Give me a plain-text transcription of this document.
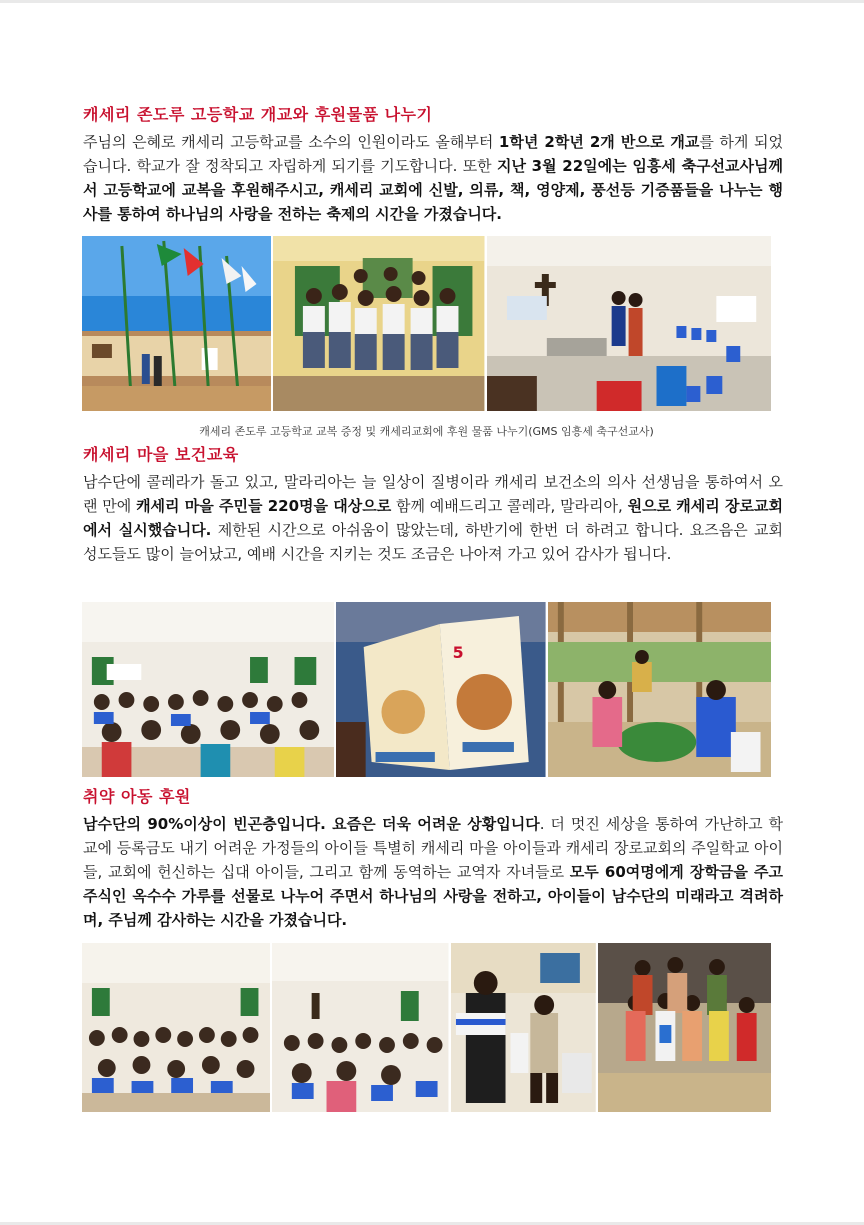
캐세리 존도루 고등학교 개교와 후원물품 나누기

주님의 은혜로 캐세리 고등학교를 소수의 인원이라도 올해부터 1학년 2학년 2개 반으로 개교를 하게 되었습니다. 학교가 잘 정착되고 자립하게 되기를 기도합니다. 또한 지난 3월 22일에는 임흥세 축구선교사님께서 고등학교에 교복을 후원해주시고, 캐세리 교회에 신발, 의류, 책, 영양제, 풍선등 기증품들을 나누는 행사를 통하여 하나님의 사랑을 전하는 축제의 시간을 가졌습니다.

캐세리 존도루 고등학교 교복 증정 및 캐세리교회에 후원 물품 나누기(GMS 임흥세 축구선교사)
캐세리 마을 보건교육

남수단에 콜레라가 돌고 있고, 말라리아는 늘 일상이 질병이라 캐세리 보건소의 의사 선생님을 통하여서 오랜 만에 캐세리 마을 주민들 220명을 대상으로 함께 예배드리고 콜레라, 말라리아, 원으로 캐세리 장로교회에서 실시했습니다. 제한된 시간으로 아쉬움이 많았는데, 하반기에 한번 더 하려고 합니다. 요즈음은 교회 성도들도 많이 늘어났고, 예배 시간을 지키는 것도 조금은 나아져 가고 있어 감사가 됩니다.

5
취약 아동 후원

남수단의 90%이상이 빈곤층입니다. 요즘은 더욱 어려운 상황입니다. 더 멋진 세상을 통하여 가난하고 학교에 등록금도 내기 어려운 가정들의 아이들 특별히 캐세리 마을 아이들과 캐세리 장로교회의 주일학교 아이들, 교회에 헌신하는 십대 아이들, 그리고 함께 동역하는 교역자 자녀들로 모두 60여명에게 장학금을 주고 주식인 옥수수 가루를 선물로 나누어 주면서 하나님의 사랑을 전하고, 아이들이 남수단의 미래라고 격려하며, 주님께 감사하는 시간을 가졌습니다.
